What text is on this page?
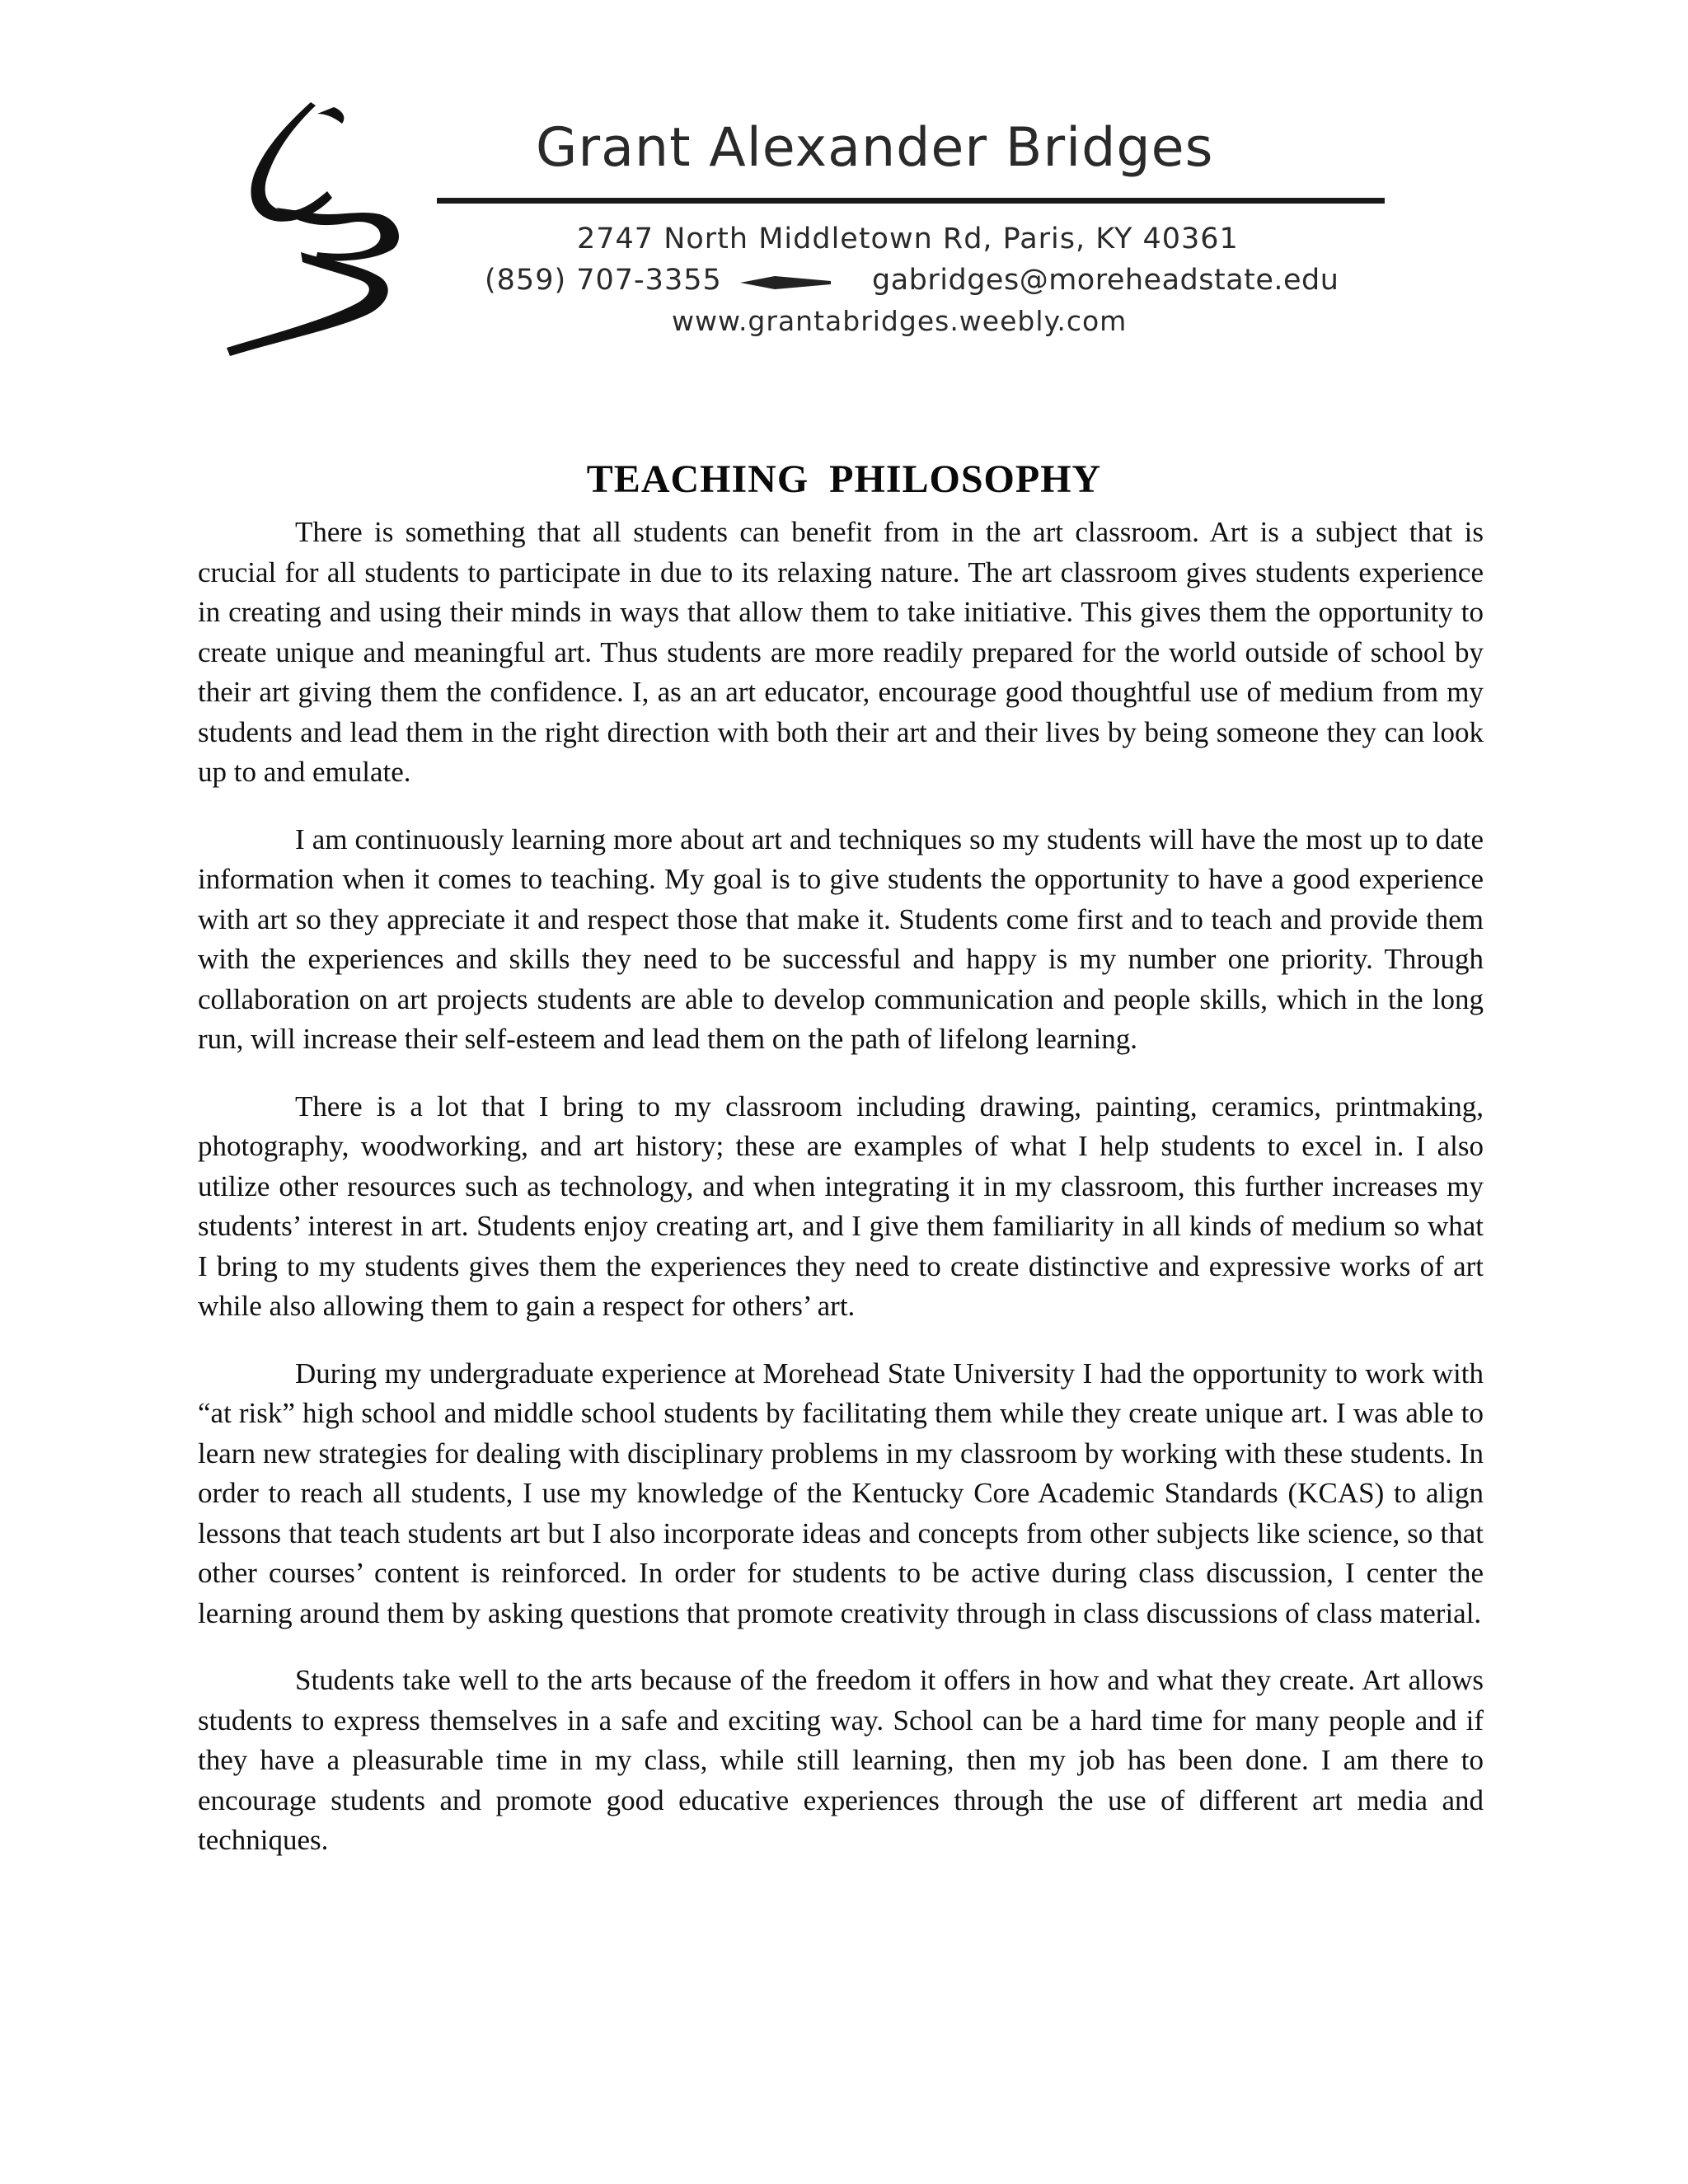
Grant Alexander Bridges
2747 North Middletown Rd, Paris, KY 40361
(859) 707-3355	gabridges@moreheadstate.edu
www.grantabridges.weebly.com
TEACHING PHILOSOPHY

There is something that all students can benefit from in the art classroom. Art is a subject that is crucial for all students to participate in due to its relaxing nature. The art classroom gives students experience in creating and using their minds in ways that allow them to take initiative. This gives them the opportunity to create unique and meaningful art. Thus students are more readily prepared for the world outside of school by their art giving them the confidence. I, as an art educator, encourage good thoughtful use of medium from my students and lead them in the right direction with both their art and their lives by being someone they can look up to and emulate.

I am continuously learning more about art and techniques so my students will have the most up to date information when it comes to teaching. My goal is to give students the opportunity to have a good experience with art so they appreciate it and respect those that make it. Students come first and to teach and provide them with the experiences and skills they need to be successful and happy is my number one priority. Through collaboration on art projects students are able to develop communication and people skills, which in the long run, will increase their self-esteem and lead them on the path of lifelong learning.

There is a lot that I bring to my classroom including drawing, painting, ceramics, printmaking, photography, woodworking, and art history; these are examples of what I help students to excel in. I also utilize other resources such as technology, and when integrating it in my classroom, this further increases my students’ interest in art. Students enjoy creating art, and I give them familiarity in all kinds of medium so what I bring to my students gives them the experiences they need to create distinctive and expressive works of art while also allowing them to gain a respect for others’ art.

During my undergraduate experience at Morehead State University I had the opportunity to work with “at risk” high school and middle school students by facilitating them while they create unique art. I was able to learn new strategies for dealing with disciplinary problems in my classroom by working with these students. In order to reach all students, I use my knowledge of the Kentucky Core Academic Standards (KCAS) to align lessons that teach students art but I also incorporate ideas and concepts from other subjects like science, so that other courses’ content is reinforced. In order for students to be active during class discussion, I center the learning around them by asking questions that promote creativity through in class discussions of class material.

Students take well to the arts because of the freedom it offers in how and what they create. Art allows students to express themselves in a safe and exciting way. School can be a hard time for many people and if they have a pleasurable time in my class, while still learning, then my job has been done. I am there to encourage students and promote good educative experiences through the use of different art media and techniques.
